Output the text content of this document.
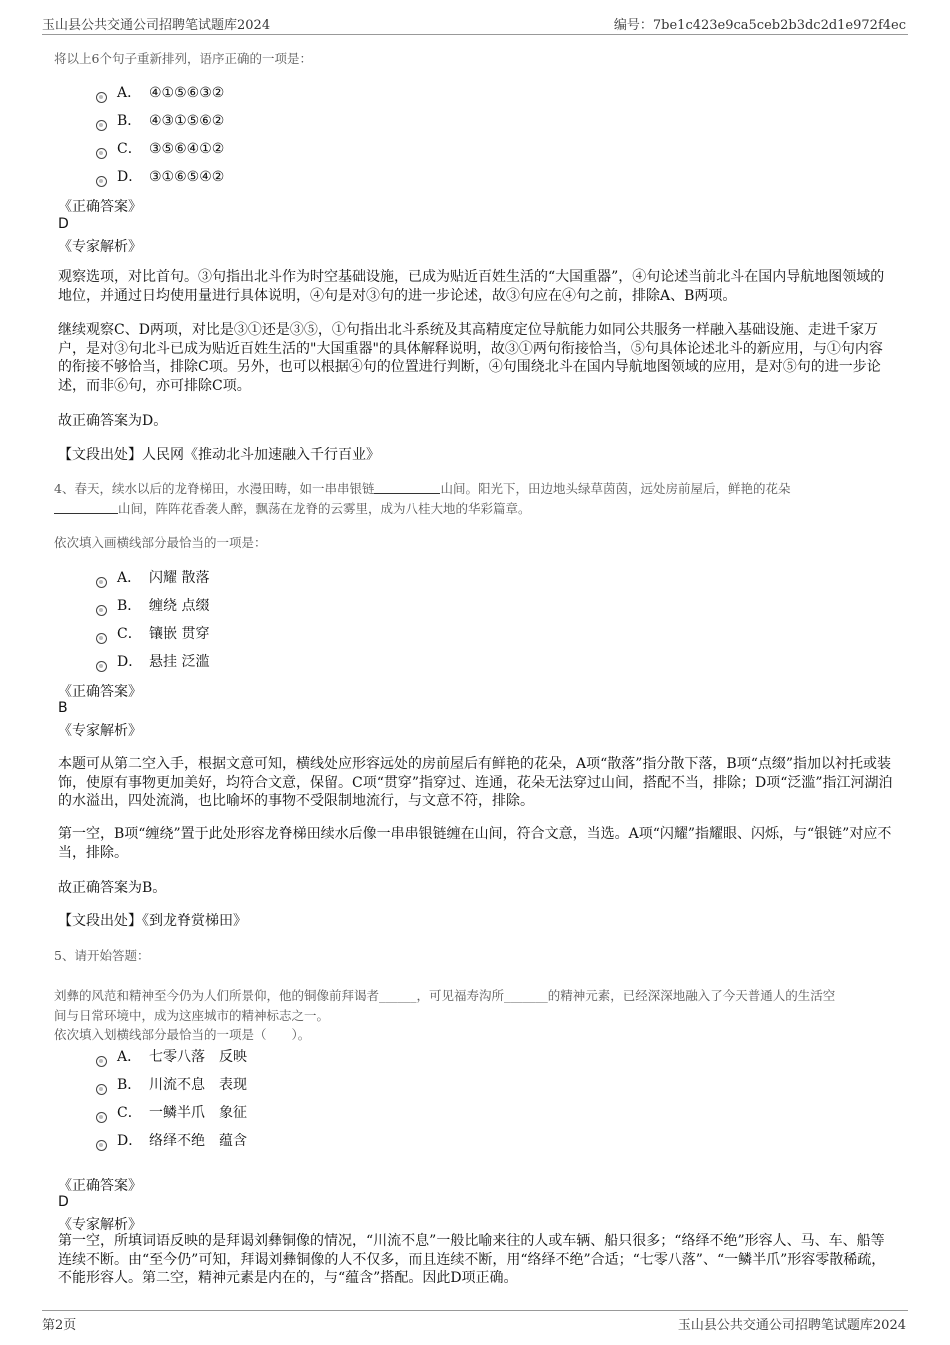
玉山县公共交通公司招聘笔试题库2024	编号：7be1c423e9ca5ceb2b3dc2d1e972f4ec
将以上6个句子重新排列，语序正确的一项是：
A． ④①⑤⑥③②
B． ④③①⑤⑥②
C． ③⑤⑥④①②
D． ③①⑥⑤④②
《正确答案》
D
《专家解析》
观察选项，对比首句。③句指出北斗作为时空基础设施，已成为贴近百姓生活的“大国重器”，④句论述当前北斗在国内导航地图领域的地位，并通过日均使用量进行具体说明，④句是对③句的进一步论述，故③句应在④句之前，排除A、B两项。
继续观察C、D两项，对比是③①还是③⑤，①句指出北斗系统及其高精度定位导航能力如同公共服务一样融入基础设施、走进千家万户，是对③句北斗已成为贴近百姓生活的"大国重器"的具体解释说明，故③①两句衔接恰当，⑤句具体论述北斗的新应用，与①句内容的衔接不够恰当，排除C项。另外，也可以根据④句的位置进行判断，④句围绕北斗在国内导航地图领域的应用，是对⑤句的进一步论述，而非⑥句，亦可排除C项。
故正确答案为D。
【文段出处】人民网《推动北斗加速融入千行百业》
4、春天，续水以后的龙脊梯田，水漫田畴，如一串串银链	山间。阳光下，田边地头绿草茵茵，远处房前屋后，鲜艳的花朵
山间，阵阵花香袭人醉，飘荡在龙脊的云雾里，成为八桂大地的华彩篇章。
依次填入画横线部分最恰当的一项是：
A． 闪耀 散落
B． 缠绕 点缀
C． 镶嵌 贯穿
D． 悬挂 泛滥
《正确答案》
B
《专家解析》
本题可从第二空入手，根据文意可知，横线处应形容远处的房前屋后有鲜艳的花朵，A项“散落”指分散下落，B项“点缀”指加以衬托或装饰，使原有事物更加美好，均符合文意，保留。C项“贯穿”指穿过、连通，花朵无法穿过山间，搭配不当，排除；D项“泛滥”指江河湖泊的水溢出，四处流淌，也比喻坏的事物不受限制地流行，与文意不符，排除。
第一空，B项“缠绕”置于此处形容龙脊梯田续水后像一串串银链缠在山间，符合文意，当选。A项“闪耀”指耀眼、闪烁，与“银链”对应不当，排除。
故正确答案为B。
【文段出处】《到龙脊赏梯田》
5、请开始答题：
刘彝的风范和精神至今仍为人们所景仰，他的铜像前拜谒者______，可见福寿沟所_______的精神元素，已经深深地融入了今天普通人的生活空
间与日常环境中，成为这座城市的精神标志之一。
依次填入划横线部分最恰当的一项是（　　）。
A． 七零八落　反映
B． 川流不息　表现
C． 一鳞半爪　象征
D． 络绎不绝　蕴含
《正确答案》
D
《专家解析》
第一空，所填词语反映的是拜谒刘彝铜像的情况，“川流不息”一般比喻来往的人或车辆、船只很多；“络绎不绝”形容人、马、车、船等连续不断。由“至今仍”可知，拜谒刘彝铜像的人不仅多，而且连续不断，用“络绎不绝”合适；“七零八落”、“一鳞半爪”形容零散稀疏，不能形容人。第二空，精神元素是内在的，与“蕴含”搭配。因此D项正确。
第2页	玉山县公共交通公司招聘笔试题库2024
